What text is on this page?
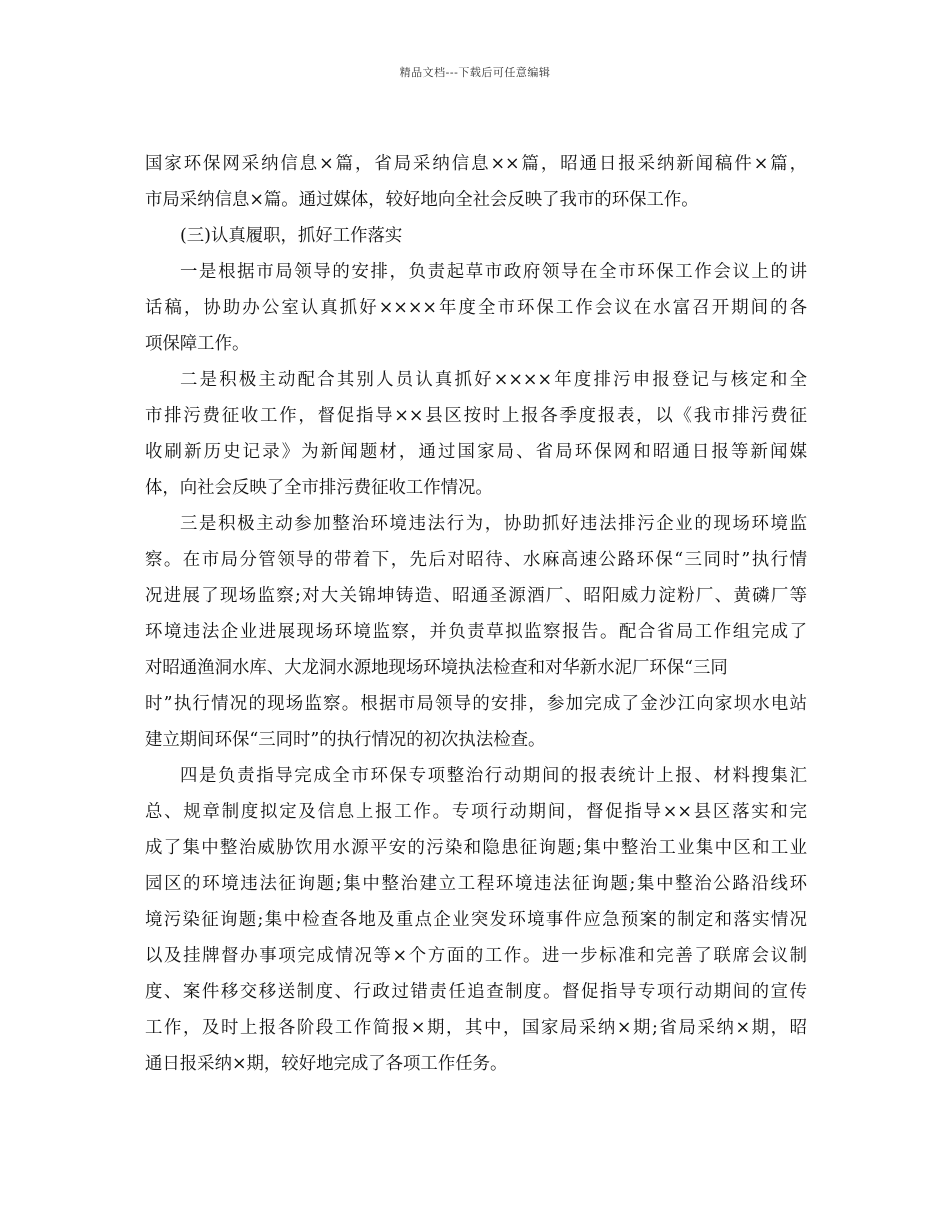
精品文档---下载后可任意编辑
国家环保网采纳信息×篇，省局采纳信息××篇，昭通日报采纳新闻稿件×篇，
市局采纳信息×篇。通过媒体，较好地向全社会反映了我市的环保工作。
(三)认真履职，抓好工作落实
一是根据市局领导的安排，负责起草市政府领导在全市环保工作会议上的讲
话稿，协助办公室认真抓好××××年度全市环保工作会议在水富召开期间的各
项保障工作。
二是积极主动配合其别人员认真抓好××××年度排污申报登记与核定和全
市排污费征收工作，督促指导××县区按时上报各季度报表，以《我市排污费征
收刷新历史记录》为新闻题材，通过国家局、省局环保网和昭通日报等新闻媒
体，向社会反映了全市排污费征收工作情况。
三是积极主动参加整治环境违法行为，协助抓好违法排污企业的现场环境监
察。在市局分管领导的带着下，先后对昭待、水麻高速公路环保“三同时”执行情
况进展了现场监察;对大关锦坤铸造、昭通圣源酒厂、昭阳威力淀粉厂、黄磷厂等
环境违法企业进展现场环境监察，并负责草拟监察报告。配合省局工作组完成了
对昭通渔洞水库、大龙洞水源地现场环境执法检查和对华新水泥厂环保“三同
时”执行情况的现场监察。根据市局领导的安排，参加完成了金沙江向家坝水电站
建立期间环保“三同时”的执行情况的初次执法检查。
四是负责指导完成全市环保专项整治行动期间的报表统计上报、材料搜集汇
总、规章制度拟定及信息上报工作。专项行动期间，督促指导××县区落实和完
成了集中整治威胁饮用水源平安的污染和隐患征询题;集中整治工业集中区和工业
园区的环境违法征询题;集中整治建立工程环境违法征询题;集中整治公路沿线环
境污染征询题;集中检查各地及重点企业突发环境事件应急预案的制定和落实情况
以及挂牌督办事项完成情况等×个方面的工作。进一步标准和完善了联席会议制
度、案件移交移送制度、行政过错责任追查制度。督促指导专项行动期间的宣传
工作，及时上报各阶段工作简报×期，其中，国家局采纳×期;省局采纳×期，昭
通日报采纳×期，较好地完成了各项工作任务。
